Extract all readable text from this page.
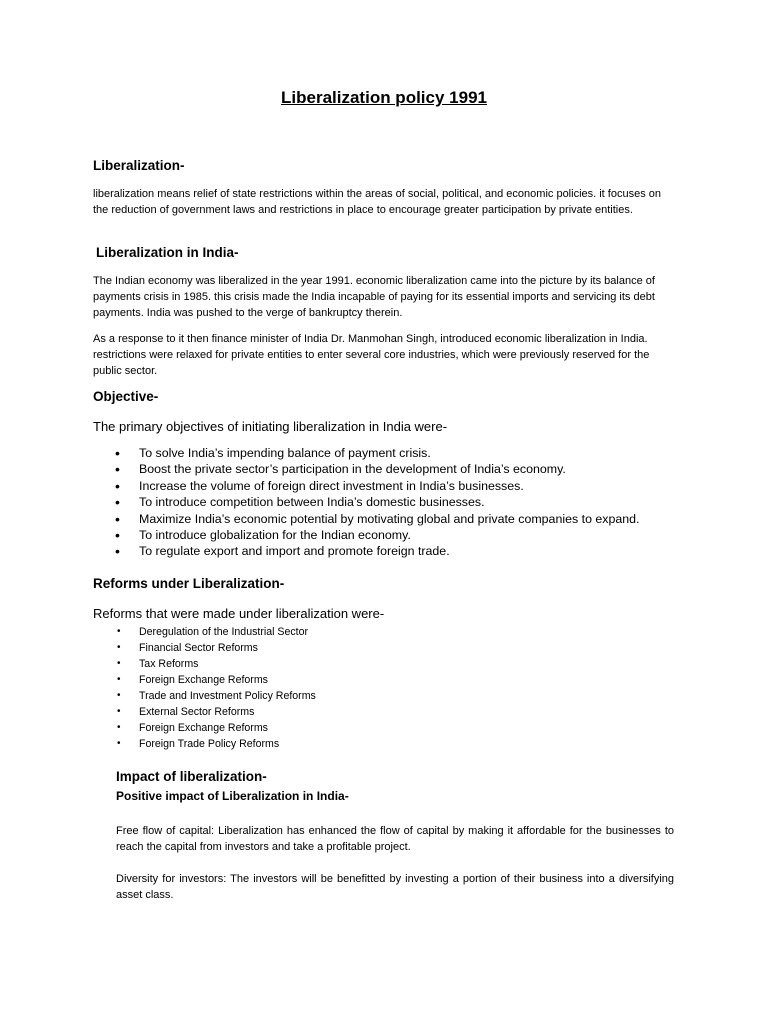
Liberalization policy 1991
Liberalization-
liberalization means relief of state restrictions within the areas of social, political, and economic policies. it focuses on the reduction of government laws and restrictions in place to encourage greater participation by private entities.
Liberalization in India-
The Indian economy was liberalized in the year 1991. economic liberalization came into the picture by its balance of payments crisis in 1985. this crisis made the India incapable of paying for its essential imports and servicing its debt payments. India was pushed to the verge of bankruptcy therein.
As a response to it then finance minister of India Dr. Manmohan Singh, introduced economic liberalization in India. restrictions were relaxed for private entities to enter several core industries, which were previously reserved for the public sector.
Objective-
The primary objectives of initiating liberalization in India were-
• To solve India’s impending balance of payment crisis.
• Boost the private sector’s participation in the development of India’s economy.
• Increase the volume of foreign direct investment in India’s businesses.
• To introduce competition between India’s domestic businesses.
• Maximize India’s economic potential by motivating global and private companies to expand.
• To introduce globalization for the Indian economy.
• To regulate export and import and promote foreign trade.
Reforms under Liberalization-
Reforms that were made under liberalization were-
• Deregulation of the Industrial Sector
• Financial Sector Reforms
• Tax Reforms
• Foreign Exchange Reforms
• Trade and Investment Policy Reforms
• External Sector Reforms
• Foreign Exchange Reforms
• Foreign Trade Policy Reforms
Impact of liberalization-
Positive impact of Liberalization in India-
Free flow of capital: Liberalization has enhanced the flow of capital by making it affordable for the businesses to reach the capital from investors and take a profitable project.
Diversity for investors: The investors will be benefitted by investing a portion of their business into a diversifying asset class.
